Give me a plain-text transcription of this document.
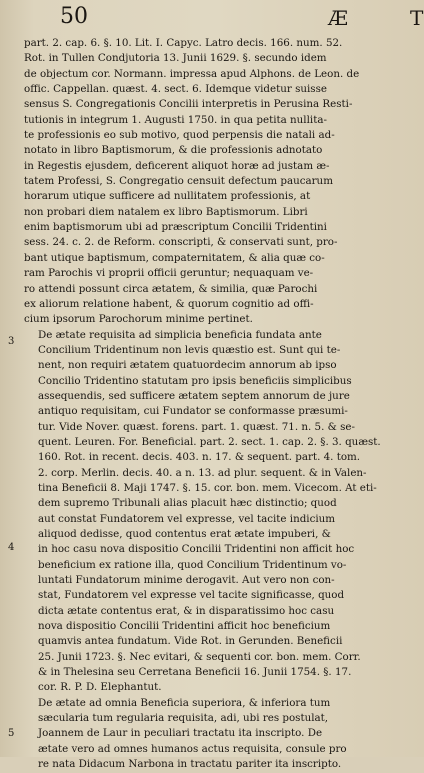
50	Æ	T
3
4
5

part. 2. cap. 6. §. 10. Lit. I. Capyc. Latro decis. 166. num. 52.
Rot. in Tullen Condjutoria 13. Junii 1629. §. secundo idem
de objectum cor. Normann. impressa apud Alphons. de Leon. de
offic. Cappellan. quæst. 4. sect. 6. Idemque videtur suisse
sensus S. Congregationis Concilii interpretis in Perusina Resti-
tutionis in integrum 1. Augusti 1750. in qua petita nullita-
te professionis eo sub motivo, quod perpensis die natali ad-
notato in libro Baptismorum, & die professionis adnotato
in Regestis ejusdem, deficerent aliquot horæ ad justam æ-
tatem Professi, S. Congregatio censuit defectum paucarum
horarum utique sufficere ad nullitatem professionis, at
non probari diem natalem ex libro Baptismorum. Libri
enim baptismorum ubi ad præscriptum Concilii Tridentini
sess. 24. c. 2. de Reform. conscripti, & conservati sunt, pro-
bant utique baptismum, compaternitatem, & alia quæ co-
ram Parochis vi proprii officii geruntur; nequaquam ve-
ro attendi possunt circa ætatem, & similia, quæ Parochi
ex aliorum relatione habent, & quorum cognitio ad offi-
cium ipsorum Parochorum minime pertinet.

De ætate requisita ad simplicia beneficia fundata ante
Concilium Tridentinum non levis quæstio est. Sunt qui te-
nent, non requiri ætatem quatuordecim annorum ab ipso
Concilio Tridentino statutam pro ipsis beneficiis simplicibus
assequendis, sed sufficere ætatem septem annorum de jure
antiquo requisitam, cui Fundator se conformasse præsumi-
tur. Vide Nover. quæst. forens. part. 1. quæst. 71. n. 5. & se-
quent. Leuren. For. Beneficial. part. 2. sect. 1. cap. 2. §. 3. quæst.
160. Rot. in recent. decis. 403. n. 17. & sequent. part. 4. tom.
2. corp. Merlin. decis. 40. a n. 13. ad plur. sequent. & in Valen-
tina Beneficii 8. Maji 1747. §. 15. cor. bon. mem. Vicecom. At eti-
dem supremo Tribunali alias placuit hæc distinctio; quod
aut constat Fundatorem vel expresse, vel tacite indicium
aliquod dedisse, quod contentus erat ætate impuberi, &
in hoc casu nova dispositio Concilii Tridentini non afficit hoc
beneficium ex ratione illa, quod Concilium Tridentinum vo-
luntati Fundatorum minime derogavit. Aut vero non con-
stat, Fundatorem vel expresse vel tacite significasse, quod
dicta ætate contentus erat, & in disparatissimo hoc casu
nova dispositio Concilii Tridentini afficit hoc beneficium
quamvis antea fundatum. Vide Rot. in Gerunden. Beneficii
25. Junii 1723. §. Nec evitari, & sequenti cor. bon. mem. Corr.
& in Thelesina seu Cerretana Beneficii 16. Junii 1754. §. 17.
cor. R. P. D. Elephantut.

De ætate ad omnia Beneficia superiora, & inferiora tum
sæcularia tum regularia requisita, adi, ubi res postulat,
Joannem de Laur in peculiari tractatu ita inscripto. De
ætate vero ad omnes humanos actus requisita, consule pro
re nata Didacum Narbona in tractatu pariter ita inscripto.
